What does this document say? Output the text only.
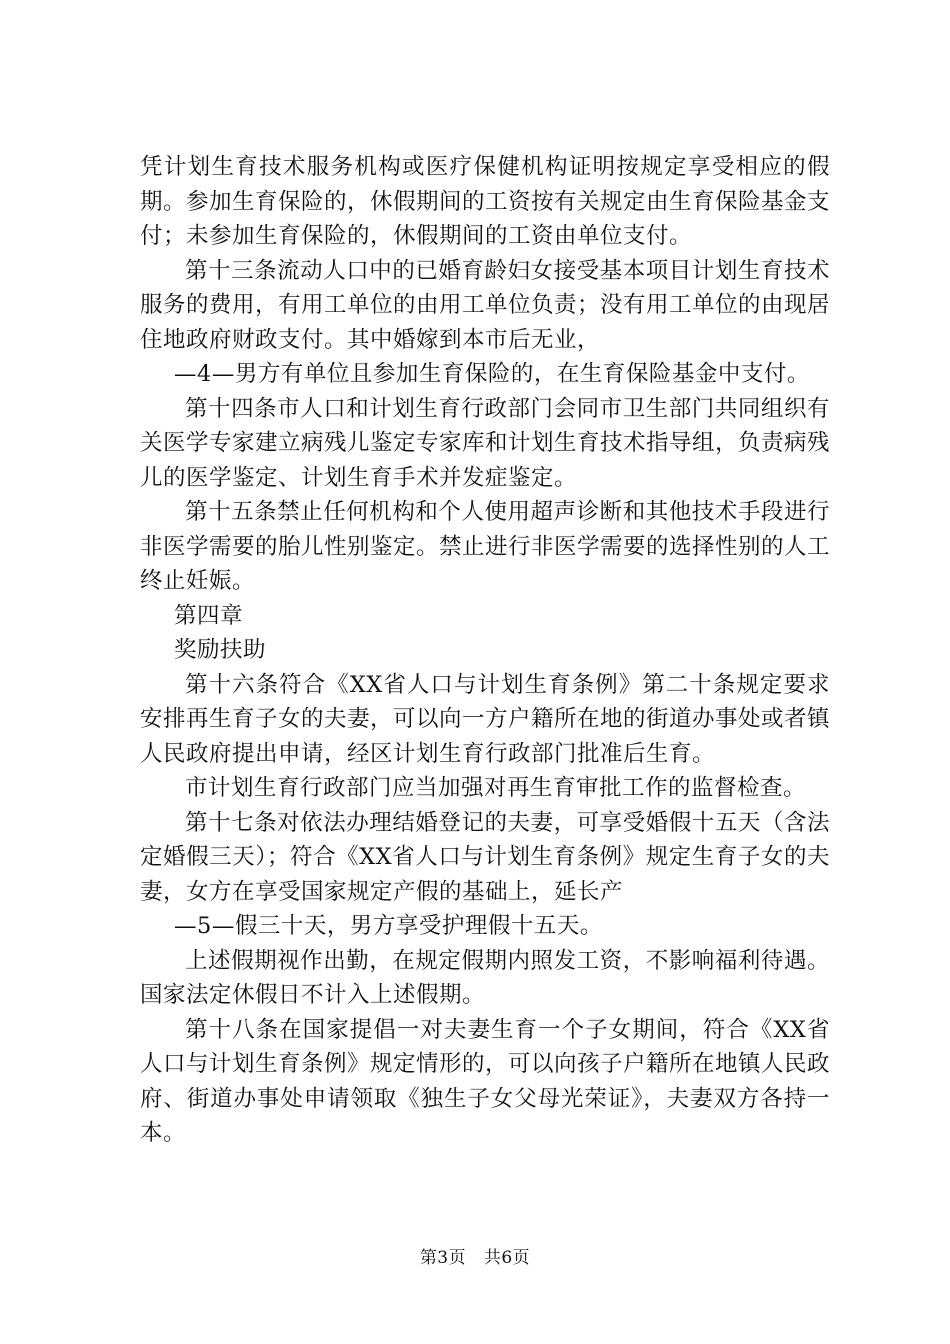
凭计划生育技术服务机构或医疗保健机构证明按规定享受相应的假期。参加生育保险的，休假期间的工资按有关规定由生育保险基金支付；未参加生育保险的，休假期间的工资由单位支付。

第十三条流动人口中的已婚育龄妇女接受基本项目计划生育技术服务的费用，有用工单位的由用工单位负责；没有用工单位的由现居住地政府财政支付。其中婚嫁到本市后无业，

—4—男方有单位且参加生育保险的，在生育保险基金中支付。

第十四条市人口和计划生育行政部门会同市卫生部门共同组织有关医学专家建立病残儿鉴定专家库和计划生育技术指导组，负责病残儿的医学鉴定、计划生育手术并发症鉴定。

第十五条禁止任何机构和个人使用超声诊断和其他技术手段进行非医学需要的胎儿性别鉴定。禁止进行非医学需要的选择性别的人工终止妊娠。

第四章

奖励扶助

第十六条符合《XX省人口与计划生育条例》第二十条规定要求安排再生育子女的夫妻，可以向一方户籍所在地的街道办事处或者镇人民政府提出申请，经区计划生育行政部门批准后生育。

市计划生育行政部门应当加强对再生育审批工作的监督检查。

第十七条对依法办理结婚登记的夫妻，可享受婚假十五天（含法定婚假三天）；符合《XX省人口与计划生育条例》规定生育子女的夫妻，女方在享受国家规定产假的基础上，延长产

—5—假三十天，男方享受护理假十五天。

上述假期视作出勤，在规定假期内照发工资，不影响福利待遇。国家法定休假日不计入上述假期。

第十八条在国家提倡一对夫妻生育一个子女期间，符合《XX省人口与计划生育条例》规定情形的，可以向孩子户籍所在地镇人民政府、街道办事处申请领取《独生子女父母光荣证》，夫妻双方各持一本。

第3页 共6页
